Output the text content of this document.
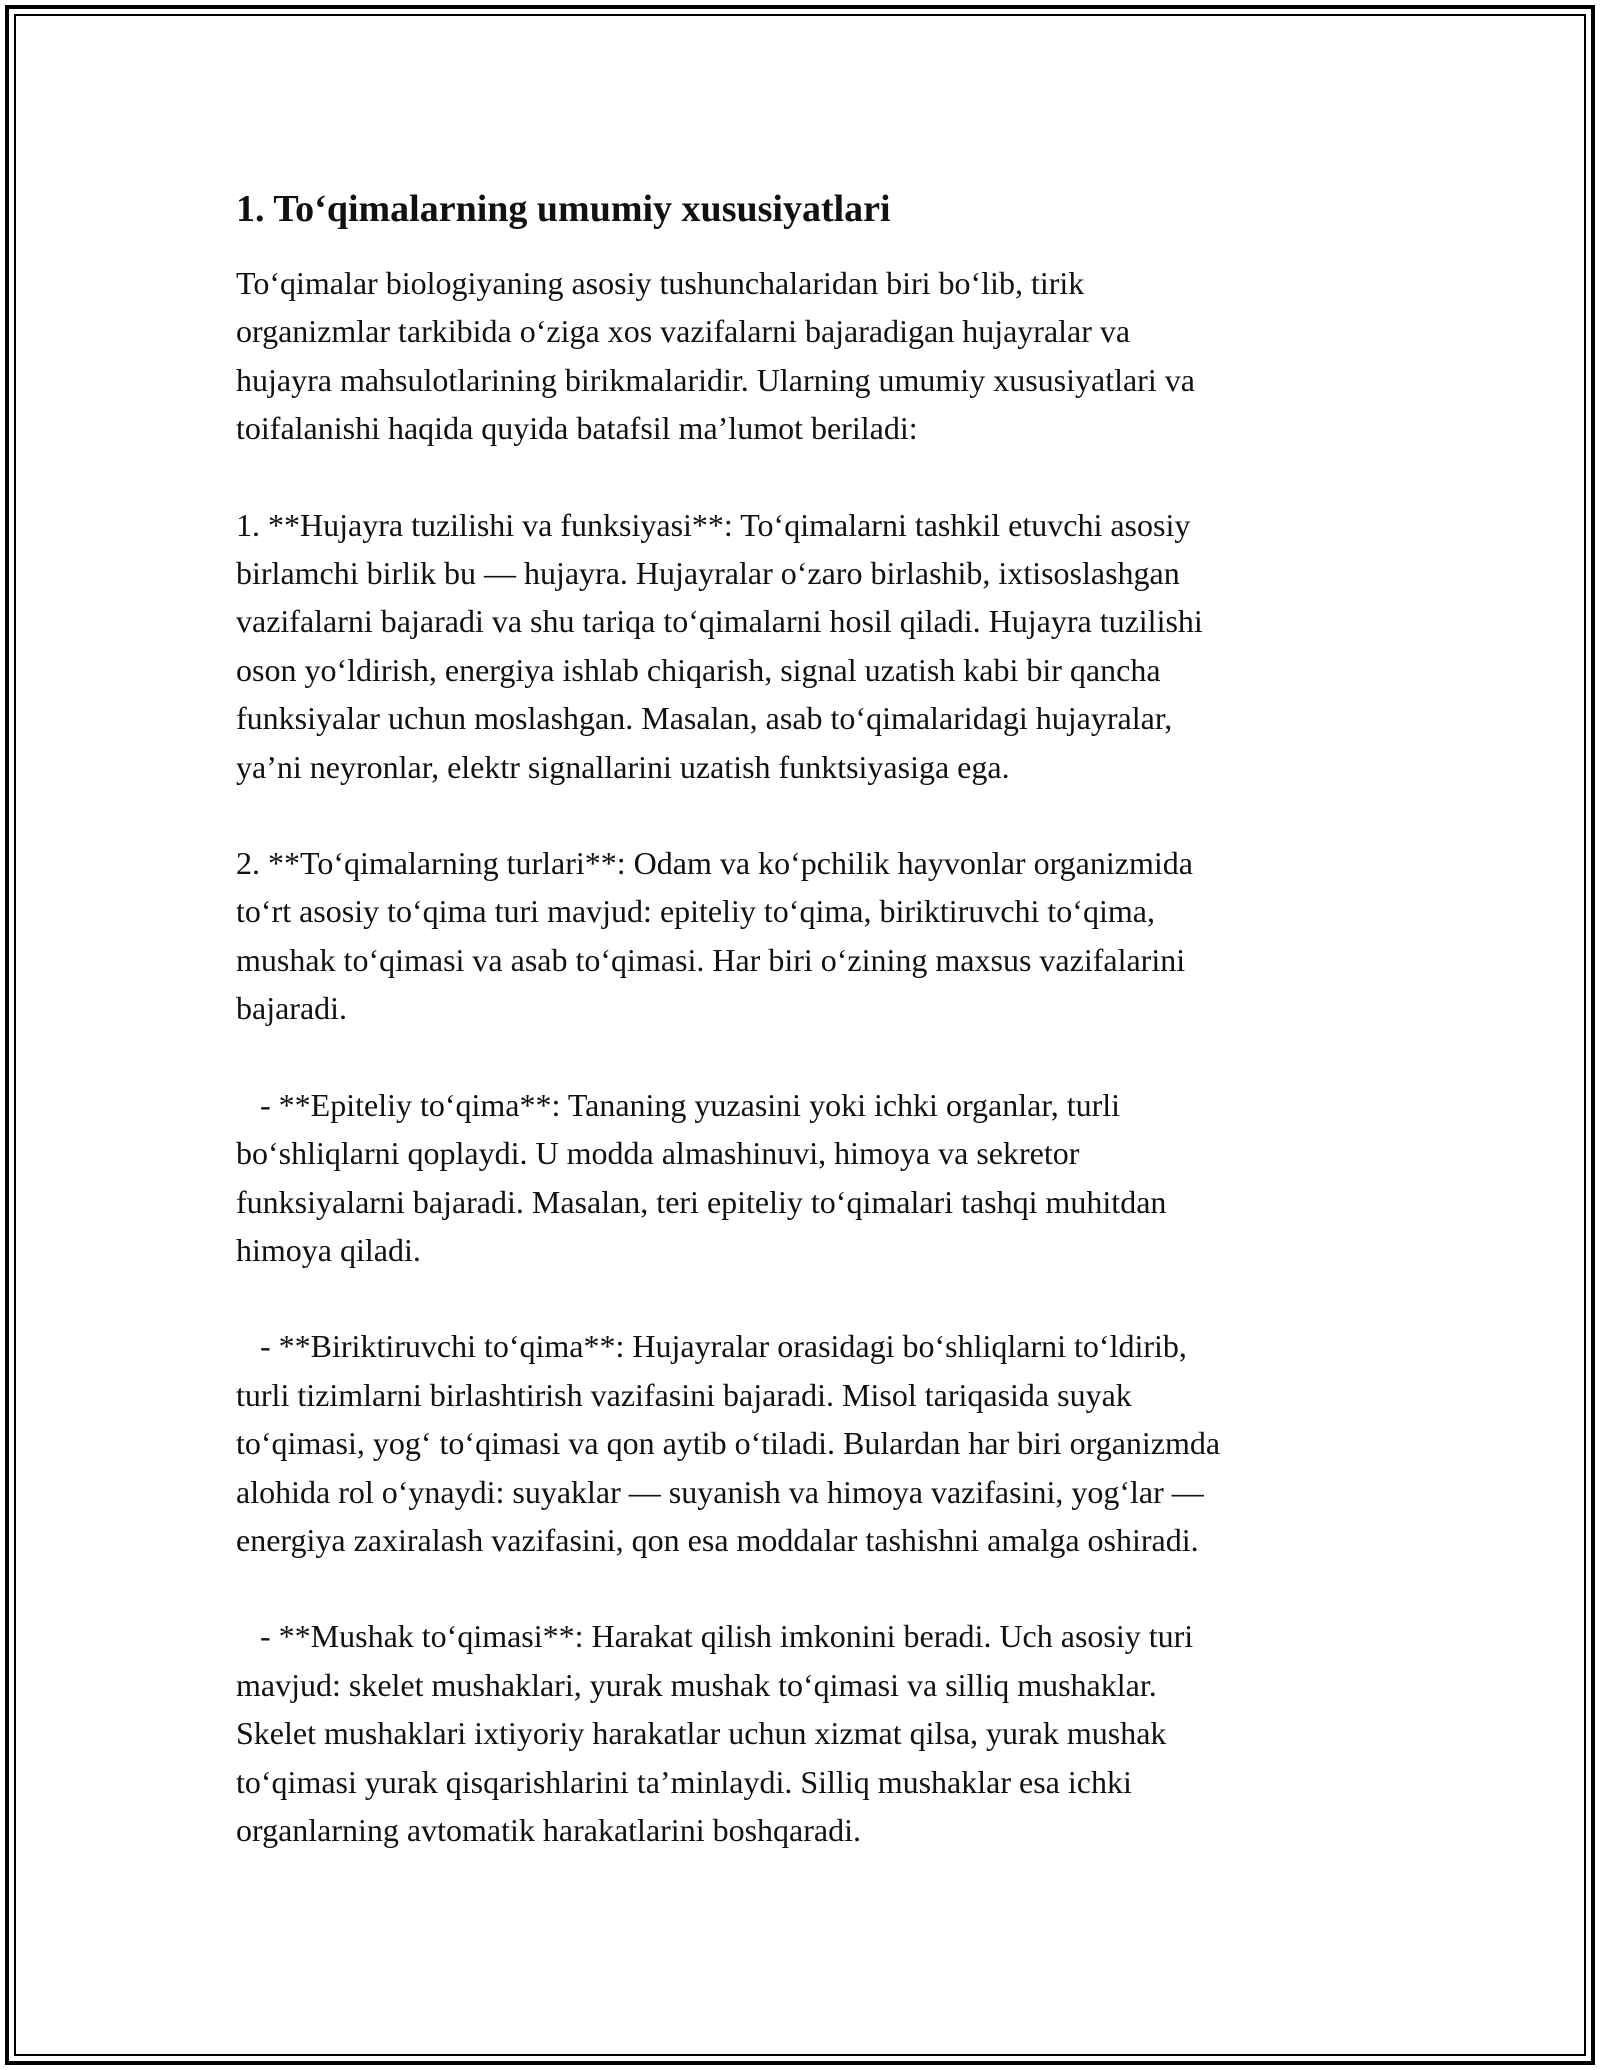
1. To‘qimalarning umumiy xususiyatlari

To‘qimalar biologiyaning asosiy tushunchalaridan biri bo‘lib, tirik
organizmlar tarkibida o‘ziga xos vazifalarni bajaradigan hujayralar va
hujayra mahsulotlarining birikmalaridir. Ularning umumiy xususiyatlari va
toifalanishi haqida quyida batafsil ma’lumot beriladi:

1. **Hujayra tuzilishi va funksiyasi**: To‘qimalarni tashkil etuvchi asosiy
birlamchi birlik bu — hujayra. Hujayralar o‘zaro birlashib, ixtisoslashgan
vazifalarni bajaradi va shu tariqa to‘qimalarni hosil qiladi. Hujayra tuzilishi
oson yo‘ldirish, energiya ishlab chiqarish, signal uzatish kabi bir qancha
funksiyalar uchun moslashgan. Masalan, asab to‘qimalaridagi hujayralar,
ya’ni neyronlar, elektr signallarini uzatish funktsiyasiga ega.

2. **To‘qimalarning turlari**: Odam va ko‘pchilik hayvonlar organizmida
to‘rt asosiy to‘qima turi mavjud: epiteliy to‘qima, biriktiruvchi to‘qima,
mushak to‘qimasi va asab to‘qimasi. Har biri o‘zining maxsus vazifalarini
bajaradi.

- **Epiteliy to‘qima**: Tananing yuzasini yoki ichki organlar, turli
bo‘shliqlarni qoplaydi. U modda almashinuvi, himoya va sekretor
funksiyalarni bajaradi. Masalan, teri epiteliy to‘qimalari tashqi muhitdan
himoya qiladi.

- **Biriktiruvchi to‘qima**: Hujayralar orasidagi bo‘shliqlarni to‘ldirib,
turli tizimlarni birlashtirish vazifasini bajaradi. Misol tariqasida suyak
to‘qimasi, yog‘ to‘qimasi va qon aytib o‘tiladi. Bulardan har biri organizmda
alohida rol o‘ynaydi: suyaklar — suyanish va himoya vazifasini, yog‘lar —
energiya zaxiralash vazifasini, qon esa moddalar tashishni amalga oshiradi.

- **Mushak to‘qimasi**: Harakat qilish imkonini beradi. Uch asosiy turi
mavjud: skelet mushaklari, yurak mushak to‘qimasi va silliq mushaklar.
Skelet mushaklari ixtiyoriy harakatlar uchun xizmat qilsa, yurak mushak
to‘qimasi yurak qisqarishlarini ta’minlaydi. Silliq mushaklar esa ichki
organlarning avtomatik harakatlarini boshqaradi.
